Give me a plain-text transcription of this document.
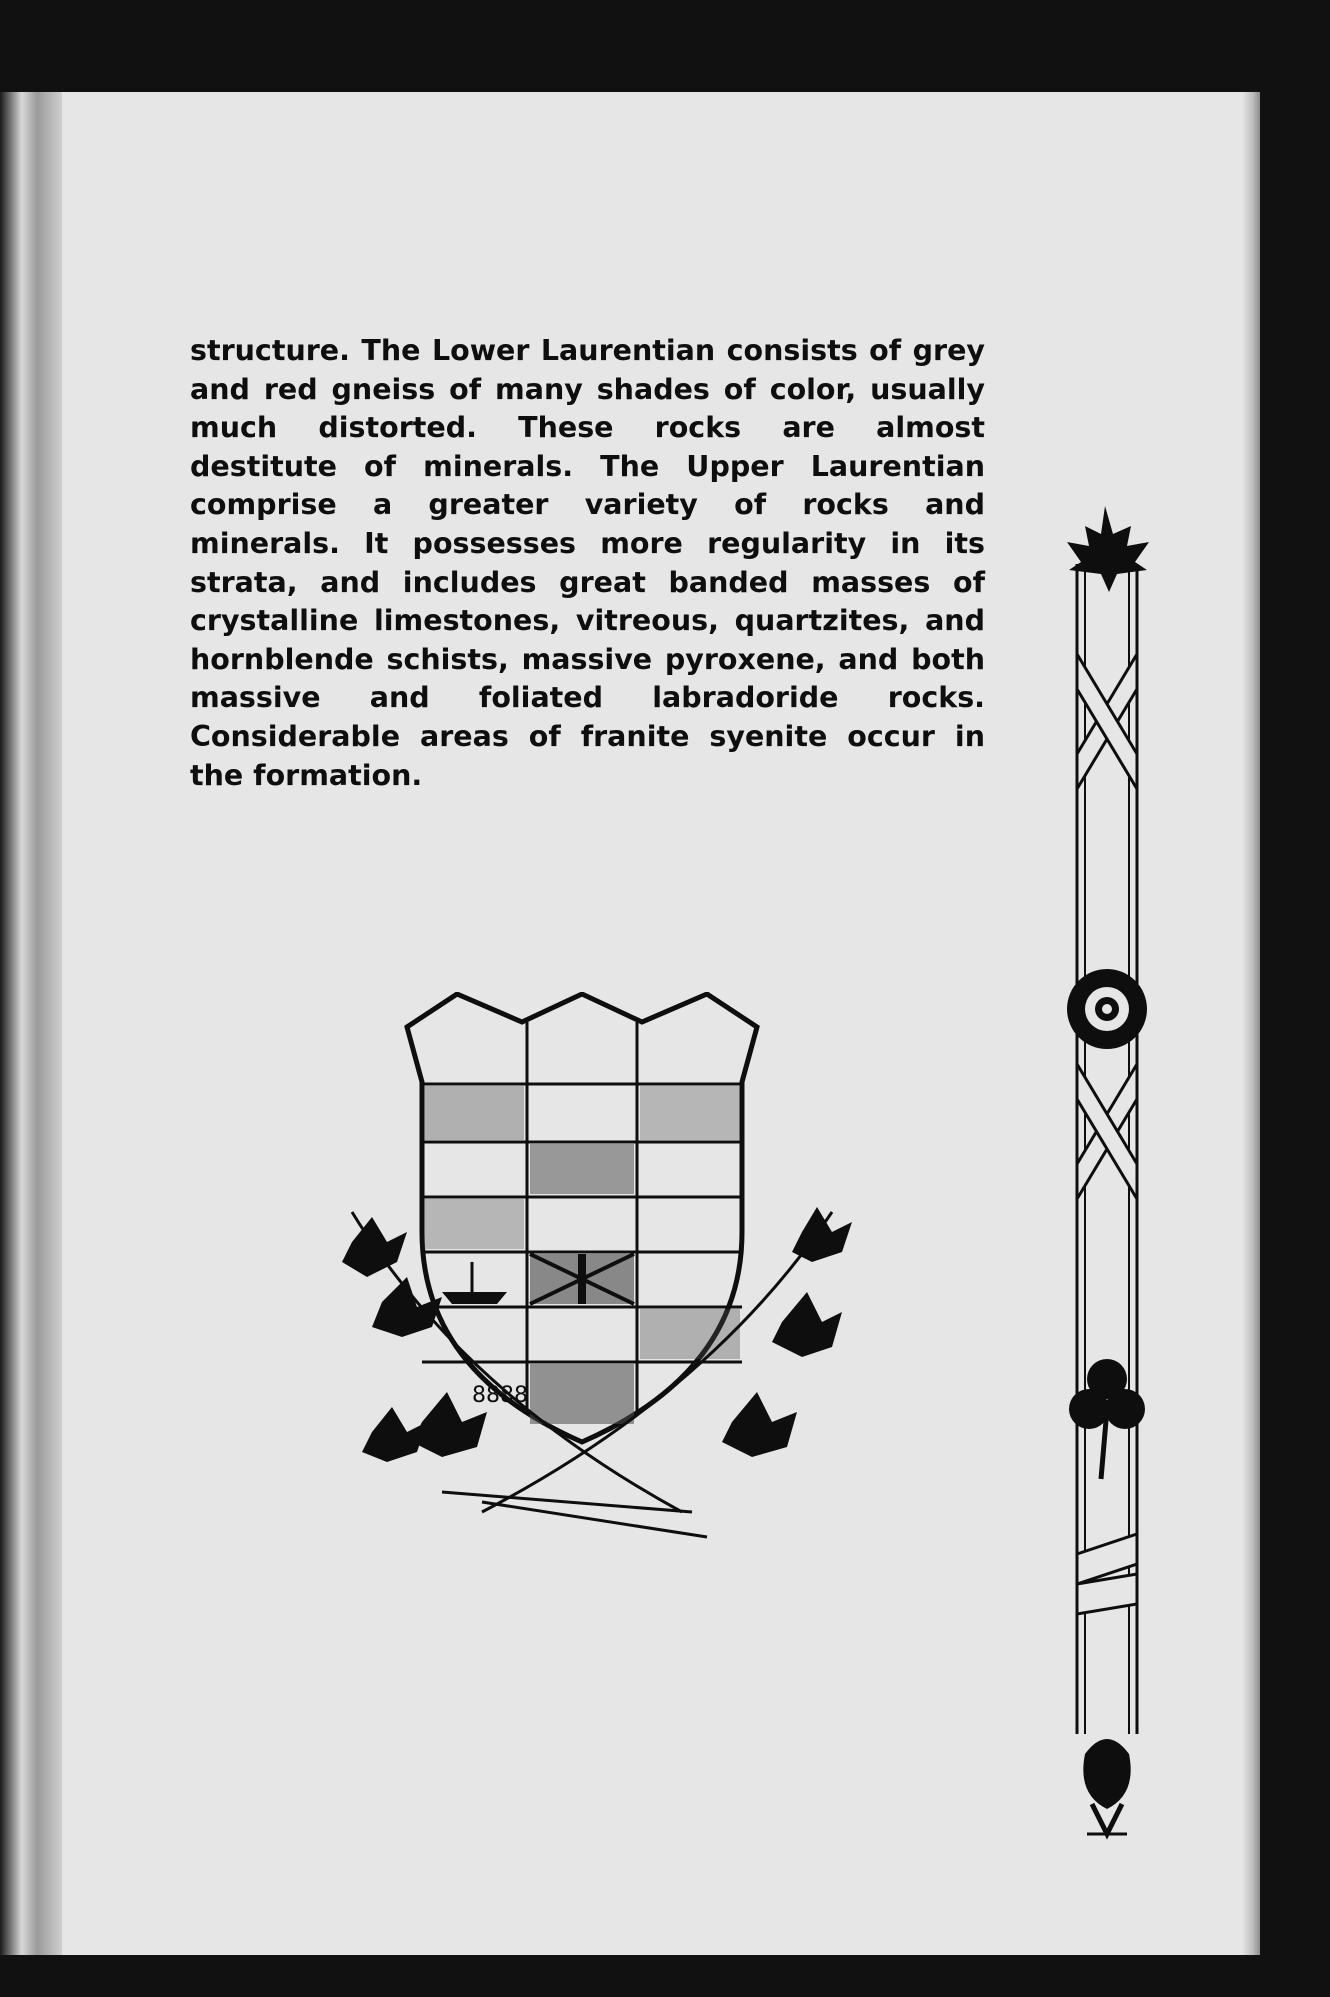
structure. The Lower Laurentian consists of grey and red gneiss of many shades of color, usually much distorted. These rocks are almost destitute of minerals. The Upper Laurentian comprise a greater variety of rocks and minerals. It possesses more regularity in its strata, and includes great banded masses of crystalline limestones, vitreous, quartzites, and hornblende schists, massive pyroxene, and both massive and foliated labradoride rocks. Considerable areas of franite syenite occur in the formation.

8888
